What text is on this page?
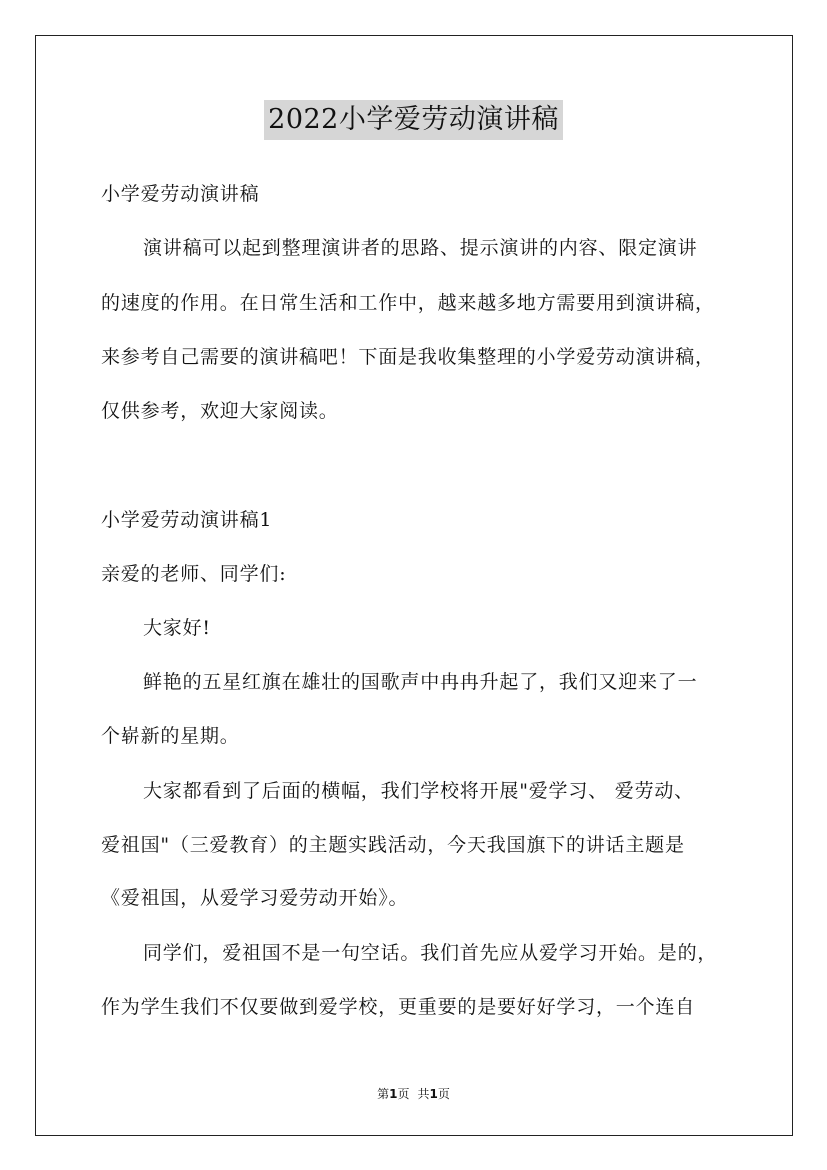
2022小学爱劳动演讲稿
小学爱劳动演讲稿
演讲稿可以起到整理演讲者的思路、提示演讲的内容、限定演讲
的速度的作用。在日常生活和工作中，越来越多地方需要用到演讲稿，
来参考自己需要的演讲稿吧！下面是我收集整理的小学爱劳动演讲稿，
仅供参考，欢迎大家阅读。
小学爱劳动演讲稿1
亲爱的老师、同学们:
大家好!
鲜艳的五星红旗在雄壮的国歌声中冉冉升起了，我们又迎来了一
个崭新的星期。
大家都看到了后面的横幅，我们学校将开展"爱学习、 爱劳动、
爱祖国"（三爱教育）的主题实践活动，今天我国旗下的讲话主题是
《爱祖国，从爱学习爱劳动开始》。
同学们，爱祖国不是一句空话。我们首先应从爱学习开始。是的，
作为学生我们不仅要做到爱学校，更重要的是要好好学习，一个连自
第1页 共1页
